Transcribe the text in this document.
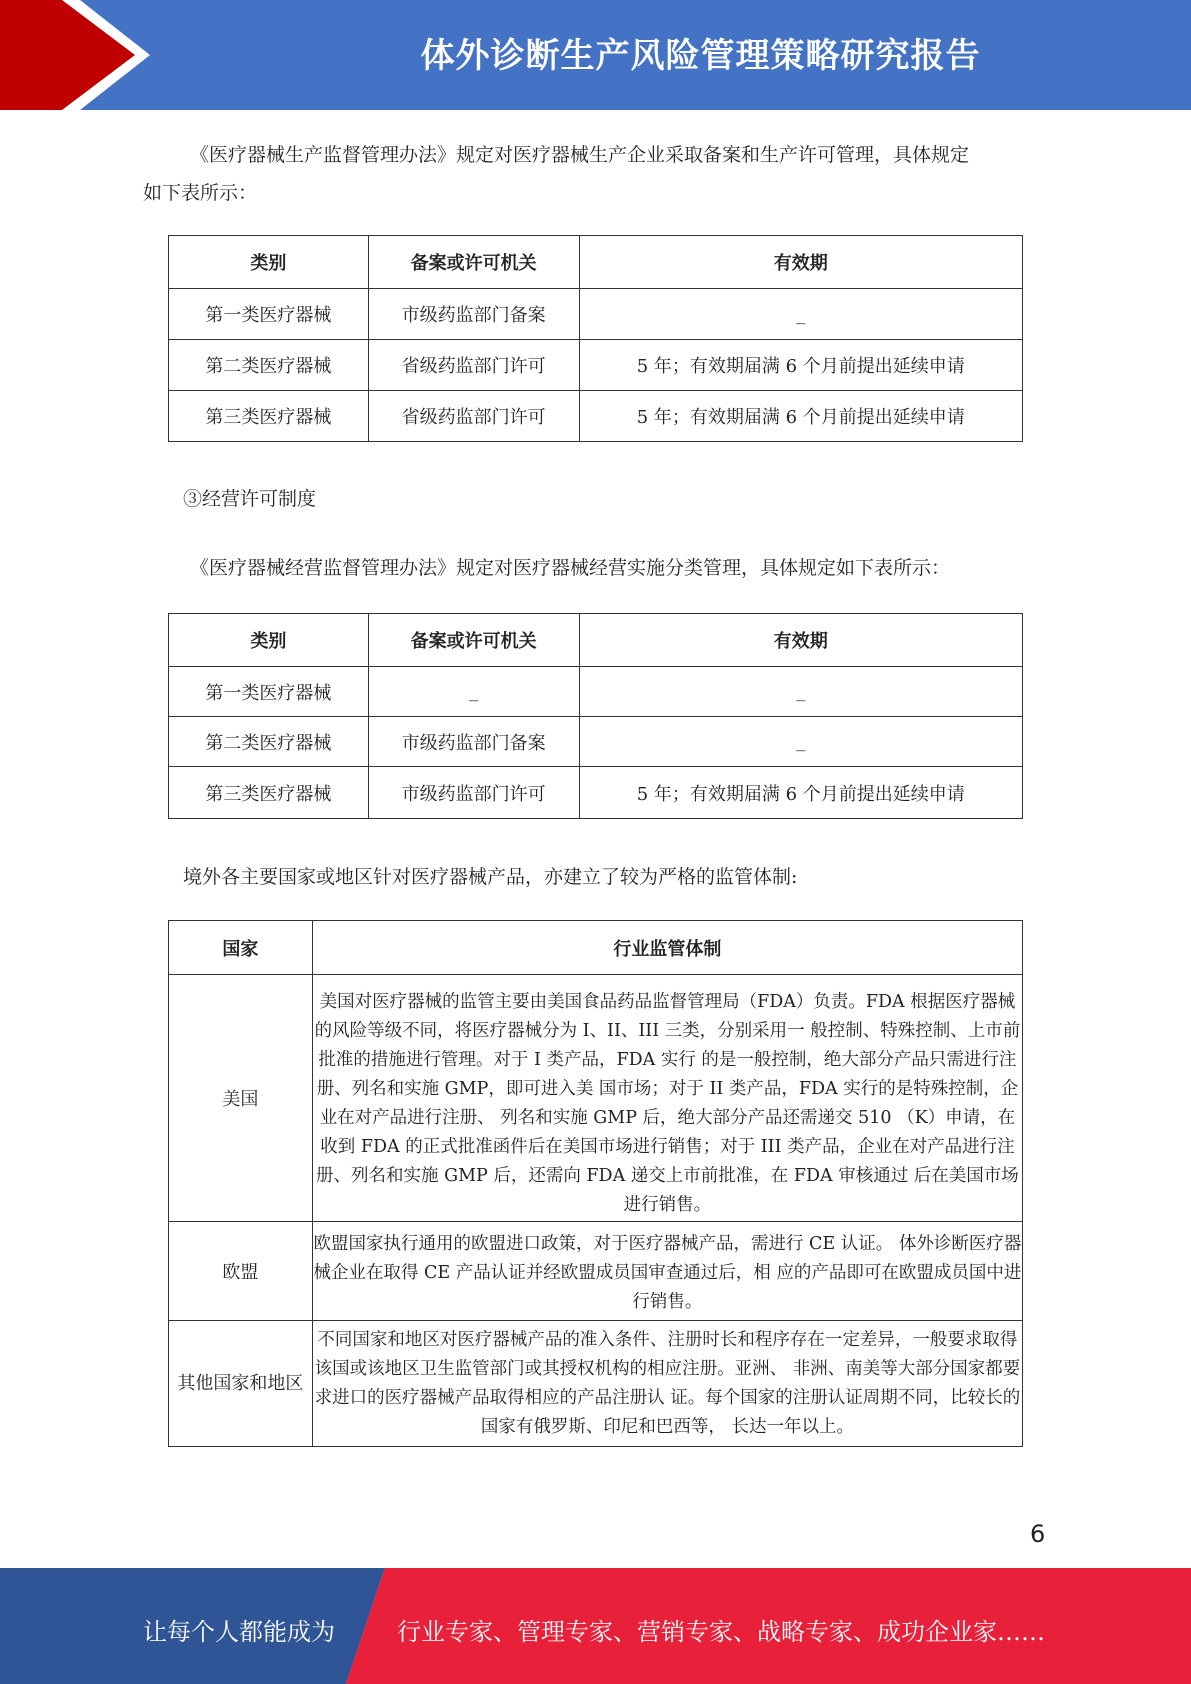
体外诊断生产风险管理策略研究报告
《医疗器械生产监督管理办法》规定对医疗器械生产企业采取备案和生产许可管理，具体规定
如下表所示：
类别	备案或许可机关	有效期
第一类医疗器械	市级药监部门备案	_
第二类医疗器械	省级药监部门许可	5 年；有效期届满 6 个月前提出延续申请
第三类医疗器械	省级药监部门许可	5 年；有效期届满 6 个月前提出延续申请
③经营许可制度
《医疗器械经营监督管理办法》规定对医疗器械经营实施分类管理，具体规定如下表所示：
类别	备案或许可机关	有效期
第一类医疗器械	_	_
第二类医疗器械	市级药监部门备案	_
第三类医疗器械	市级药监部门许可	5 年；有效期届满 6 个月前提出延续申请
境外各主要国家或地区针对医疗器械产品，亦建立了较为严格的监管体制:
国家	行业监管体制
美国	美国对医疗器械的监管主要由美国食品药品监督管理局（FDA）负责。FDA 根据医疗器械的风险等级不同，将医疗器械分为 I、II、III 三类，分别采用一 般控制、特殊控制、上市前批准的措施进行管理。对于 I 类产品，FDA 实行 的是一般控制，绝大部分产品只需进行注册、列名和实施 GMP，即可进入美 国市场；对于 II 类产品，FDA 实行的是特殊控制，企业在对产品进行注册、 列名和实施 GMP 后，绝大部分产品还需递交 510 （K）申请，在收到 FDA 的正式批准函件后在美国市场进行销售；对于 III 类产品，企业在对产品进行注 册、列名和实施 GMP 后，还需向 FDA 递交上市前批准，在 FDA 审核通过 后在美国市场进行销售。
欧盟	欧盟国家执行通用的欧盟进口政策，对于医疗器械产品，需进行 CE 认证。 体外诊断医疗器械企业在取得 CE 产品认证并经欧盟成员国审查通过后，相 应的产品即可在欧盟成员国中进行销售。
其他国家和地区	不同国家和地区对医疗器械产品的准入条件、注册时长和程序存在一定差异，一般要求取得该国或该地区卫生监管部门或其授权机构的相应注册。亚洲、 非洲、南美等大部分国家都要求进口的医疗器械产品取得相应的产品注册认 证。每个国家的注册认证周期不同，比较长的国家有俄罗斯、印尼和巴西等， 长达一年以上。
6
让每个人都能成为	行业专家、管理专家、营销专家、战略专家、成功企业家……
